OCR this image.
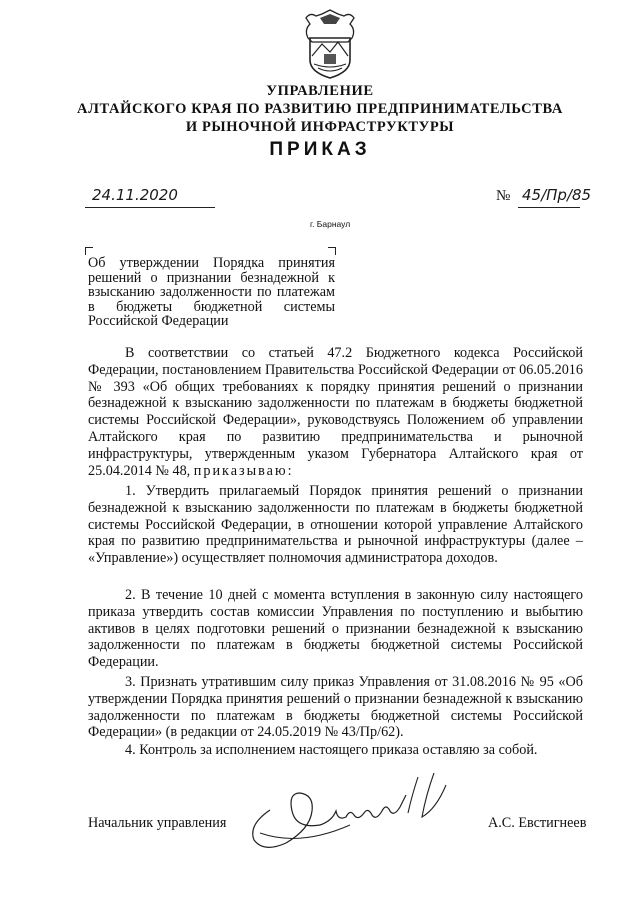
УПРАВЛЕНИЕ
АЛТАЙСКОГО КРАЯ ПО РАЗВИТИЮ ПРЕДПРИНИМАТЕЛЬСТВА
И РЫНОЧНОЙ ИНФРАСТРУКТУРЫ
ПРИКАЗ
24.11.2020	№ 45/Пр/85
г. Барнаул
Об утверждении Порядка принятия решений о признании безнадежной к взысканию задолженности по платежам в бюджеты бюджетной системы Российской Федерации

В соответствии со статьей 47.2 Бюджетного кодекса Российской Федерации, постановлением Правительства Российской Федерации от 06.05.2016 № 393 «Об общих требованиях к порядку принятия решений о признании безнадежной к взысканию задолженности по платежам в бюджеты бюджетной системы Российской Федерации», руководствуясь Положением об управлении Алтайского края по развитию предпринимательства и рыночной инфраструктуры, утвержденным указом Губернатора Алтайского края от 25.04.2014 № 48, приказываю:

1. Утвердить прилагаемый Порядок принятия решений о признании безнадежной к взысканию задолженности по платежам в бюджеты бюджетной системы Российской Федерации, в отношении которой управление Алтайского края по развитию предпринимательства и рыночной инфраструктуры (далее – «Управление») осуществляет полномочия администратора доходов.

2. В течение 10 дней с момента вступления в законную силу настоящего приказа утвердить состав комиссии Управления по поступлению и выбытию активов в целях подготовки решений о признании безнадежной к взысканию задолженности по платежам в бюджеты бюджетной системы Российской Федерации.

3. Признать утратившим силу приказ Управления от 31.08.2016 № 95 «Об утверждении Порядка принятия решений о признании безнадежной к взысканию задолженности по платежам в бюджеты бюджетной системы Российской Федерации» (в редакции от 24.05.2019 № 43/Пр/62).

4. Контроль за исполнением настоящего приказа оставляю за собой.

Начальник управления	А.С. Евстигнеев
